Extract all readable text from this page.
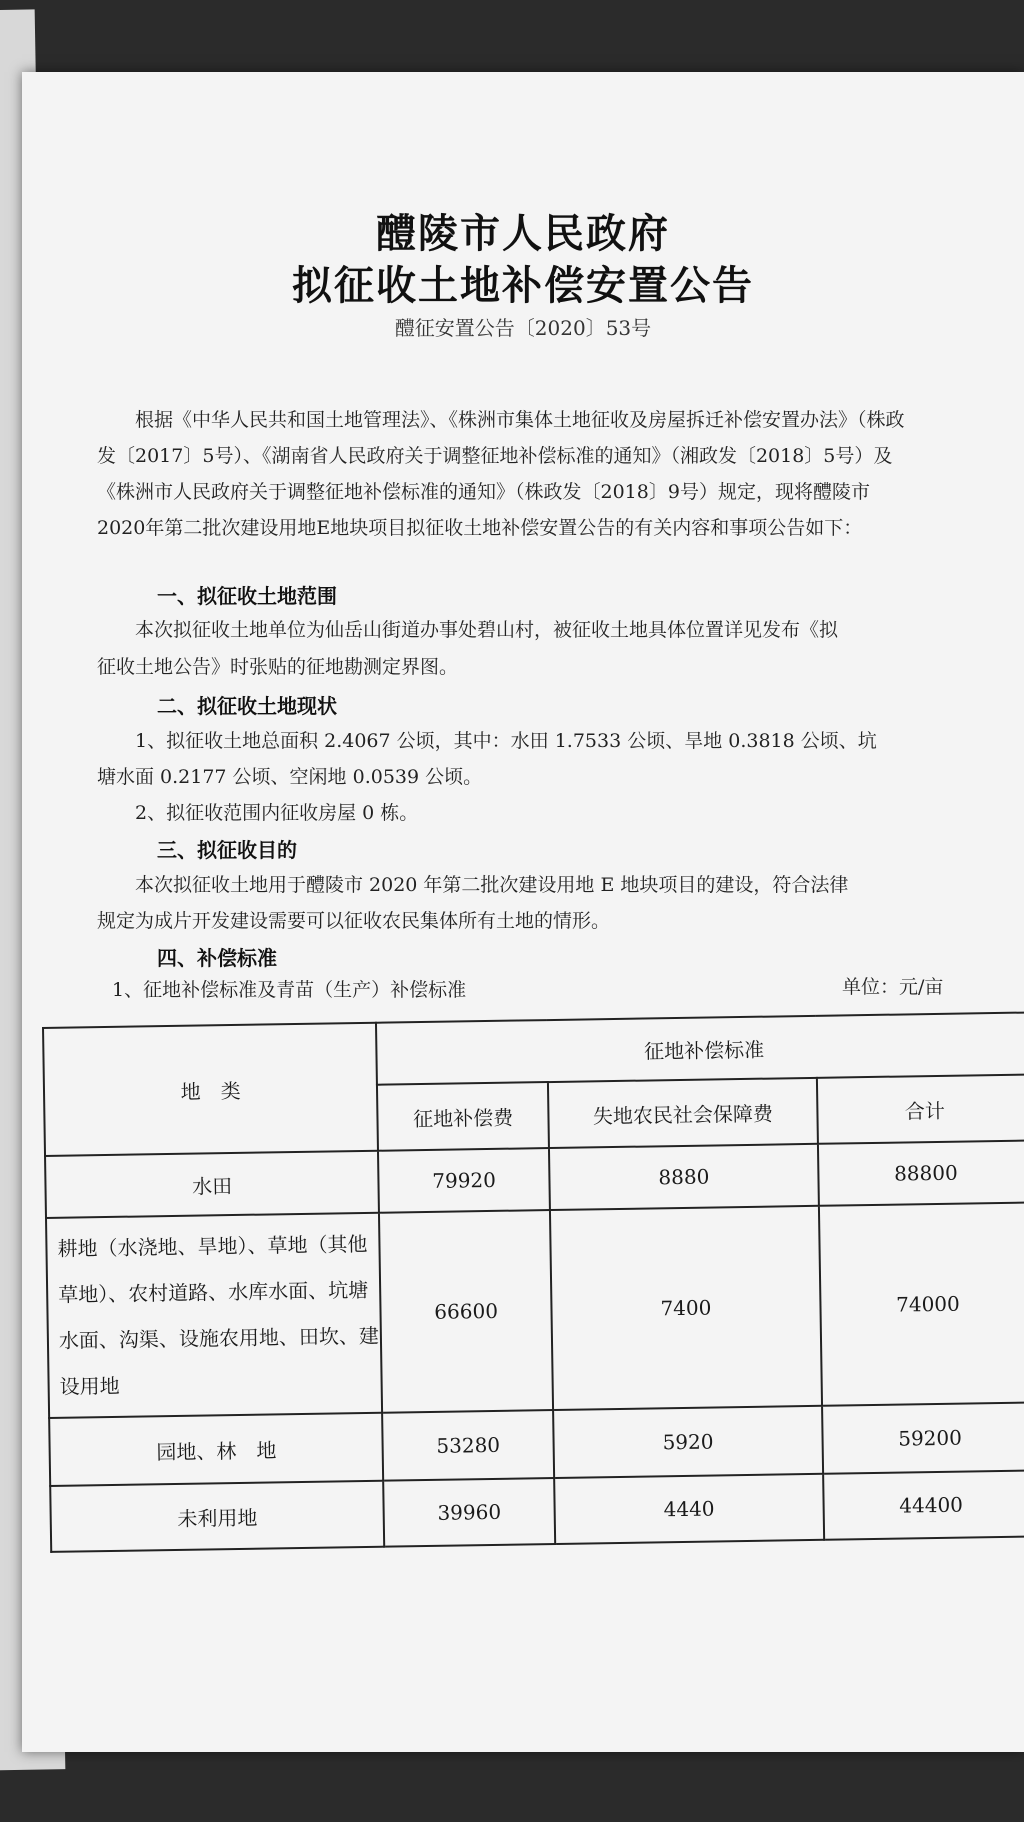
醴陵市人民政府
拟征收土地补偿安置公告
醴征安置公告〔2020〕53号

根据《中华人民共和国土地管理法》、《株洲市集体土地征收及房屋拆迁补偿安置办法》（株政发〔2017〕5号）、《湖南省人民政府关于调整征地补偿标准的通知》（湘政发〔2018〕5号）及《株洲市人民政府关于调整征地补偿标准的通知》（株政发〔2018〕9号）规定，现将醴陵市2020年第二批次建设用地E地块项目拟征收土地补偿安置公告的有关内容和事项公告如下：

一、拟征收土地范围
本次拟征收土地单位为仙岳山街道办事处碧山村，被征收土地具体位置详见发布《拟
征收土地公告》时张贴的征地勘测定界图。
二、拟征收土地现状
1、拟征收土地总面积 2.4067 公顷，其中：水田 1.7533 公顷、旱地 0.3818 公顷、坑
塘水面 0.2177 公顷、空闲地 0.0539 公顷。
2、拟征收范围内征收房屋 0 栋。
三、拟征收目的
本次拟征收土地用于醴陵市 2020 年第二批次建设用地 E 地块项目的建设，符合法律
规定为成片开发建设需要可以征收农民集体所有土地的情形。
四、补偿标准
1、征地补偿标准及青苗（生产）补偿标准	单位：元/亩
地　类	征地补偿标准		
	征地补偿费	失地农民社会保障费	合计
水田	79920	8880	88800
耕地（水浇地、旱地）、草地（其他草地）、农村道路、水库水面、坑塘水面、沟渠、设施农用地、田坎、建设用地	66600	7400	74000
园地、林　地	53280	5920	59200
未利用地	39960	4440	44400
